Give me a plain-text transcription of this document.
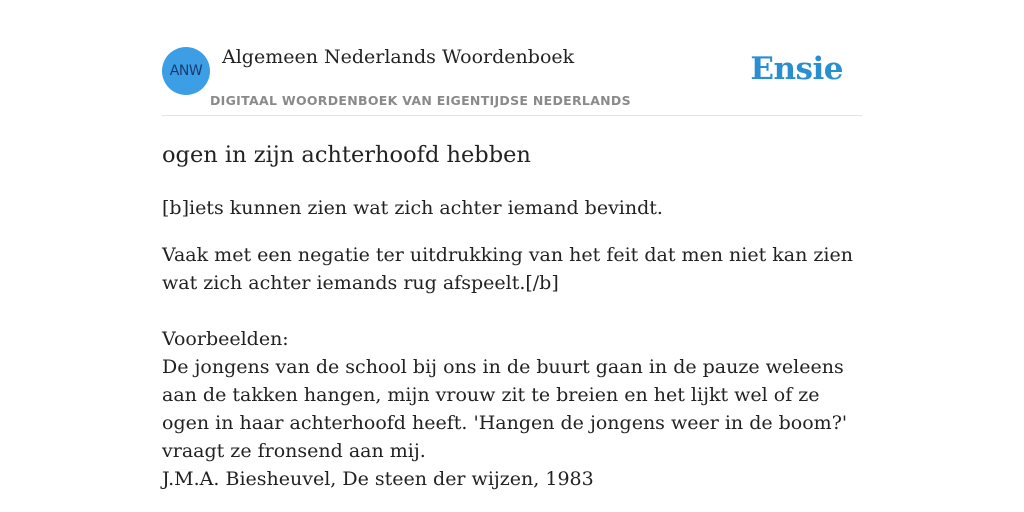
ANW
Algemeen Nederlands Woordenboek
DIGITAAL WOORDENBOEK VAN EIGENTIJDSE NEDERLANDS
Ensie
ogen in zijn achterhoofd hebben

[b]iets kunnen zien wat zich achter iemand bevindt.

Vaak met een negatie ter uitdrukking van het feit dat men niet kan zien wat zich achter iemands rug afspeelt.[/b]

Voorbeelden:
De jongens van de school bij ons in de buurt gaan in de pauze weleens aan de takken hangen, mijn vrouw zit te breien en het lijkt wel of ze ogen in haar achterhoofd heeft. 'Hangen de jongens weer in de boom?' vraagt ze fronsend aan mij.
J.M.A. Biesheuvel, De steen der wijzen, 1983
